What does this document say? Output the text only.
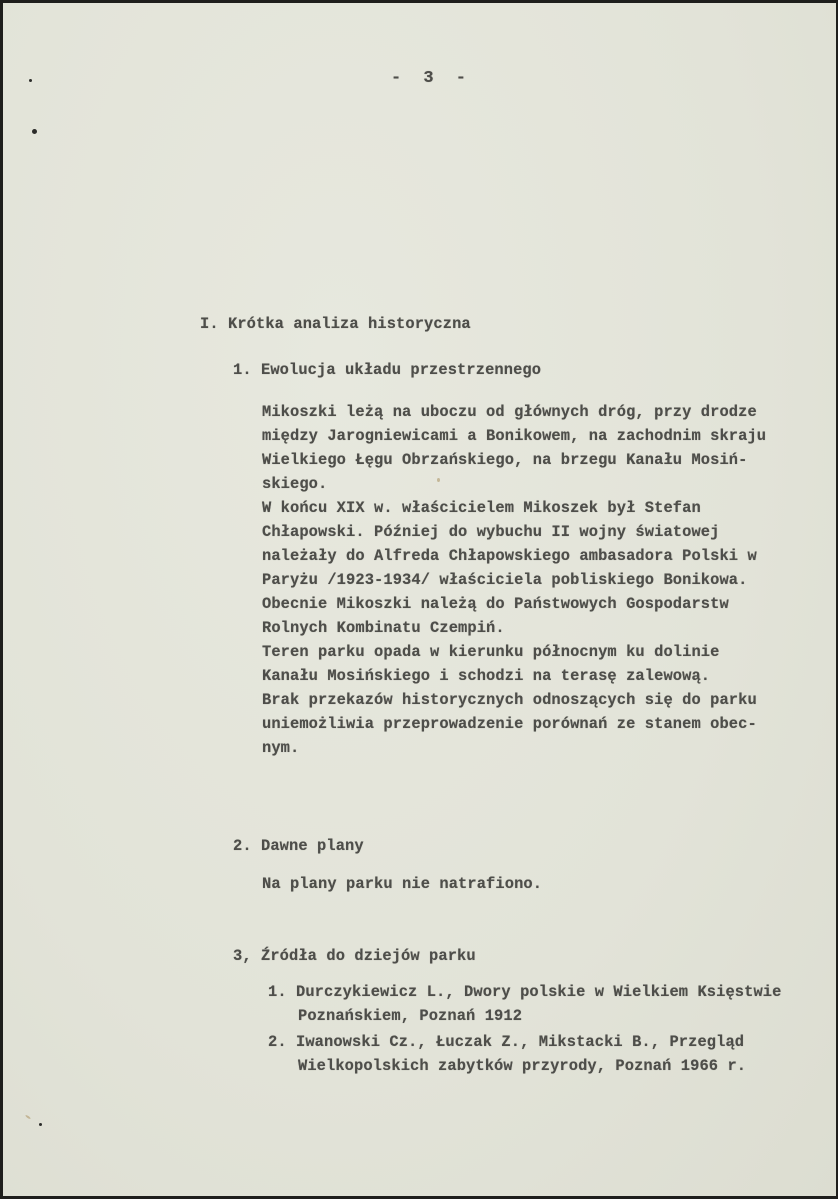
- 3 -
I. Krótka analiza historyczna
1. Ewolucja układu przestrzennego
Mikoszki leżą na uboczu od głównych dróg, przy drodze
między Jarogniewicami a Bonikowem, na zachodnim skraju
Wielkiego Łęgu Obrzańskiego, na brzegu Kanału Mosiń-
skiego.
W końcu XIX w. właścicielem Mikoszek był Stefan
Chłapowski. Później do wybuchu II wojny światowej
należały do Alfreda Chłapowskiego ambasadora Polski w
Paryżu /1923-1934/ właściciela pobliskiego Bonikowa.
Obecnie Mikoszki należą do Państwowych Gospodarstw
Rolnych Kombinatu Czempiń.
Teren parku opada w kierunku północnym ku dolinie
Kanału Mosińskiego i schodzi na terasę zalewową.
Brak przekazów historycznych odnoszących się do parku
uniemożliwia przeprowadzenie porównań ze stanem obec-
nym.
2. Dawne plany
Na plany parku nie natrafiono.
3, Źródła do dziejów parku
1. Durczykiewicz L., Dwory polskie w Wielkiem Księstwie
Poznańskiem, Poznań 1912
2. Iwanowski Cz., Łuczak Z., Mikstacki B., Przegląd
Wielkopolskich zabytków przyrody, Poznań 1966 r.
